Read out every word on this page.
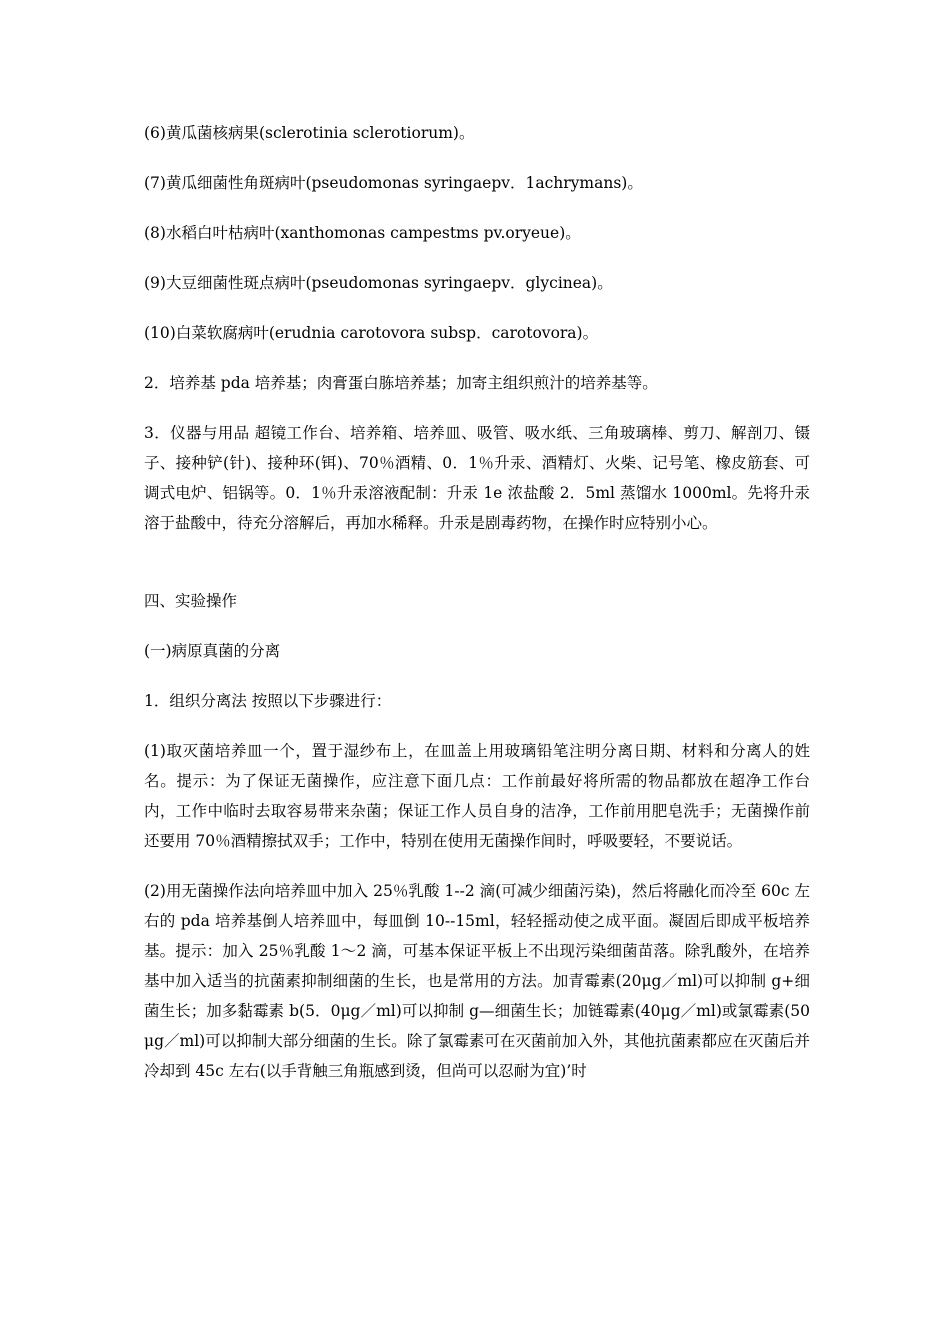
(6)黄瓜菌核病果(sclerotinia sclerotiorum)。

(7)黄瓜细菌性角斑病叶(pseudomonas syringaepv．1achrymans)。

(8)水稻白叶枯病叶(xanthomonas campestms pv.oryeue)。

(9)大豆细菌性斑点病叶(pseudomonas syringaepv．glycinea)。

(10)白菜软腐病叶(erudnia carotovora subsp．carotovora)。

2．培养基 pda 培养基；肉膏蛋白胨培养基；加寄主组织煎汁的培养基等。

3．仪器与用品 超镜工作台、培养箱、培养皿、吸管、吸水纸、三角玻璃棒、剪刀、解剖刀、镊子、接种铲(针)、接种环(铒)、70％酒精、0．1％升汞、酒精灯、火柴、记号笔、橡皮筋套、可调式电炉、铝锅等。0．1％升汞溶液配制：升汞 1e 浓盐酸 2．5ml 蒸馏水 1000ml。先将升汞溶于盐酸中，待充分溶解后，再加水稀释。升汞是剧毒药物，在操作时应特别小心。

四、实验操作

(一)病原真菌的分离

1．组织分离法 按照以下步骤进行：

(1)取灭菌培养皿一个，置于湿纱布上，在皿盖上用玻璃铅笔注明分离日期、材料和分离人的姓名。提示：为了保证无菌操作，应注意下面几点：工作前最好将所需的物品都放在超净工作台内，工作中临时去取容易带来杂菌；保证工作人员自身的洁净，工作前用肥皂洗手；无菌操作前还要用 70％酒精擦拭双手；工作中，特别在使用无菌操作间时，呼吸要轻，不要说话。

(2)用无菌操作法向培养皿中加入 25％乳酸 1--2 滴(可减少细菌污染)，然后将融化而冷至 60c 左右的 pda 培养基倒人培养皿中，每皿倒 10--15ml，轻轻摇动使之成平面。凝固后即成平板培养基。提示：加入 25％乳酸 1～2 滴，可基本保证平板上不出现污染细菌苗落。除乳酸外，在培养基中加入适当的抗菌素抑制细菌的生长，也是常用的方法。加青霉素(20μg／ml)可以抑制 g+细菌生长；加多黏霉素 b(5．0μg／ml)可以抑制 g—细菌生长；加链霉素(40μg／ml)或氯霉素(50μg／ml)可以抑制大部分细菌的生长。除了氯霉素可在灭菌前加入外，其他抗菌素都应在灭菌后并冷却到 45c 左右(以手背触三角瓶感到烫，但尚可以忍耐为宜)’时
